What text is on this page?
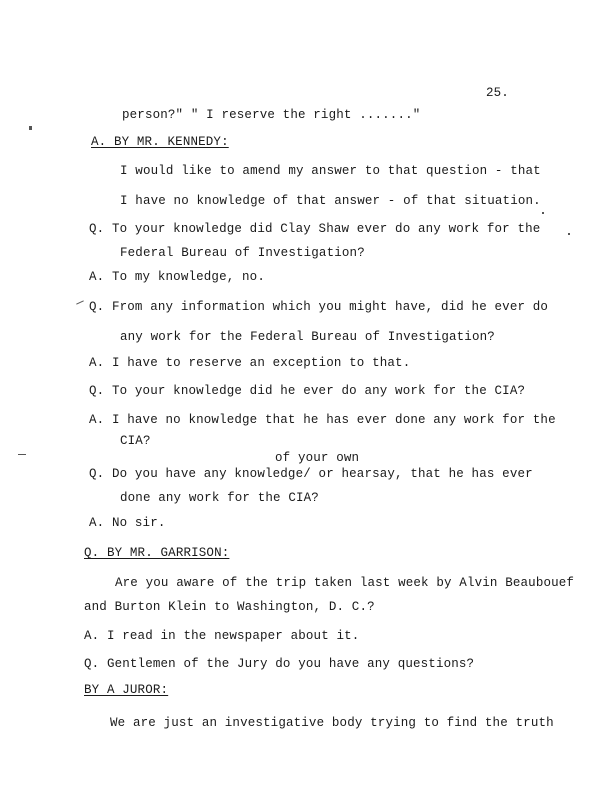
25.
person?" " I reserve the right ......."
A. BY MR. KENNEDY:
I would like to amend my answer to that question - that
I have no knowledge of that answer - of that situation.
Q. To your knowledge did Clay Shaw ever do any work for the
Federal Bureau of Investigation?
A. To my knowledge, no.
Q. From any information which you might have, did he ever do
any work for the Federal Bureau of Investigation?
A. I have to reserve an exception to that.
Q. To your knowledge did he ever do any work for the CIA?
A. I have no knowledge that he has ever done any work for the
CIA?
of your own
Q. Do you have any knowledge/ or hearsay, that he has ever
done any work for the CIA?
A. No sir.
Q. BY MR. GARRISON:
Are you aware of the trip taken last week by Alvin Beaubouef
and Burton Klein to Washington, D. C.?
A. I read in the newspaper about it.
Q. Gentlemen of the Jury do you have any questions?
BY A JUROR:
We are just an investigative body trying to find the truth
